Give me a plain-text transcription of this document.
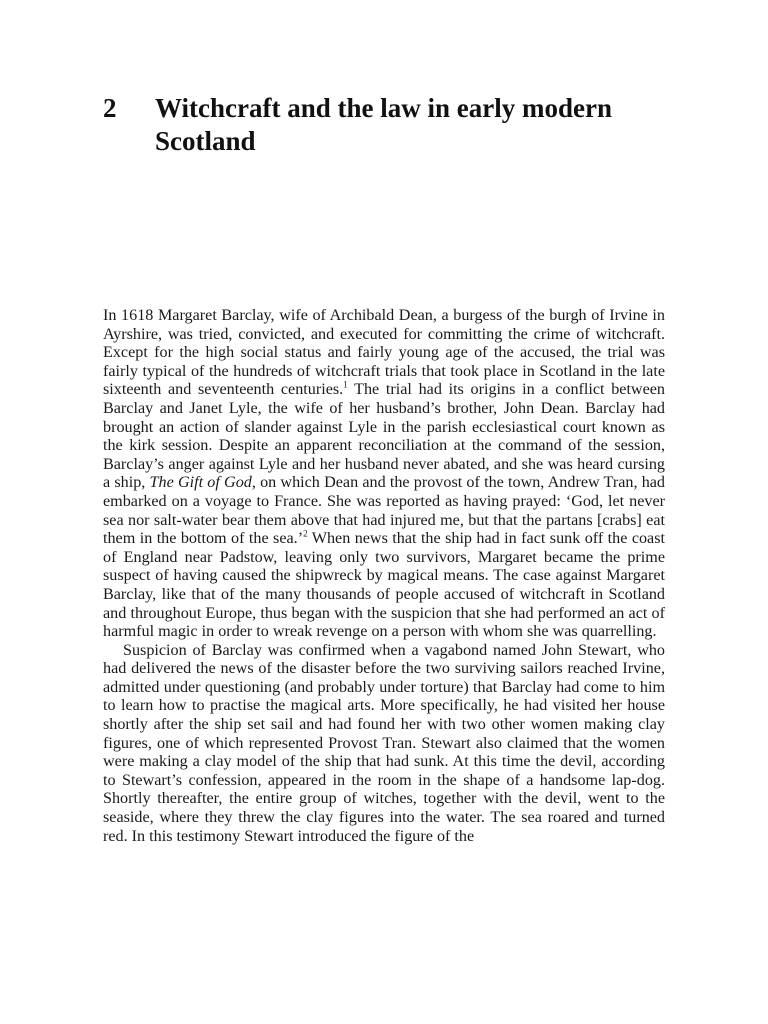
2	Witchcraft and the law in early modern Scotland

In 1618 Margaret Barclay, wife of Archibald Dean, a burgess of the burgh of Irvine in Ayrshire, was tried, convicted, and executed for committing the crime of witchcraft. Except for the high social status and fairly young age of the accused, the trial was fairly typical of the hundreds of witchcraft trials that took place in Scotland in the late sixteenth and seventeenth centuries.$^1$ The trial had its origins in a conflict between Barclay and Janet Lyle, the wife of her husband’s brother, John Dean. Barclay had brought an action of slander against Lyle in the parish ecclesiastical court known as the kirk session. Despite an apparent reconciliation at the command of the session, Barclay’s anger against Lyle and her husband never abated, and she was heard cursing a ship, The Gift of God, on which Dean and the provost of the town, Andrew Tran, had embarked on a voyage to France. She was reported as having prayed: ‘God, let never sea nor salt-water bear them above that had injured me, but that the partans [crabs] eat them in the bottom of the sea.’$^2$ When news that the ship had in fact sunk off the coast of England near Padstow, leaving only two survivors, Margaret became the prime suspect of having caused the shipwreck by magical means. The case against Margaret Barclay, like that of the many thousands of people accused of witchcraft in Scotland and throughout Europe, thus began with the suspicion that she had performed an act of harmful magic in order to wreak revenge on a person with whom she was quarrelling.

Suspicion of Barclay was confirmed when a vagabond named John Stewart, who had delivered the news of the disaster before the two surviving sailors reached Irvine, admitted under questioning (and probably under torture) that Barclay had come to him to learn how to practise the magical arts. More specifically, he had visited her house shortly after the ship set sail and had found her with two other women making clay figures, one of which represented Provost Tran. Stewart also claimed that the women were making a clay model of the ship that had sunk. At this time the devil, according to Stewart’s confession, appeared in the room in the shape of a handsome lap-dog. Shortly thereafter, the entire group of witches, together with the devil, went to the seaside, where they threw the clay figures into the water. The sea roared and turned red. In this testimony Stewart introduced the figure of the
